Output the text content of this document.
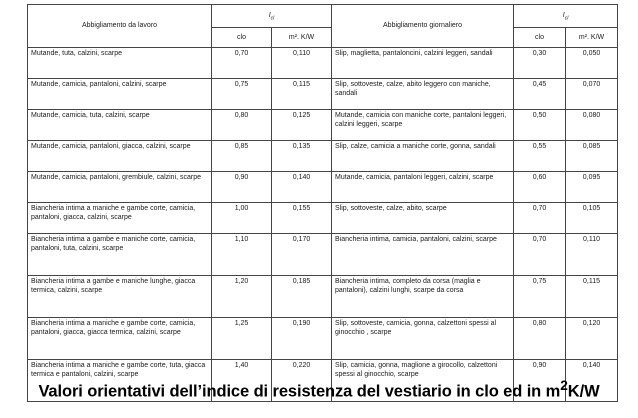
Abbigliamento da lavoro	$I_{cl}$		Abbigliamento giornaliero	$I_{cl}$
	clo	m². K/W		clo	m². K/W
Mutande, tuta, calzini, scarpe	0,70	0,110	Slip, maglietta, pantaloncini, calzini leggeri, sandali	0,30	0,050
Mutande, camicia, pantaloni, calzini, scarpe	0,75	0,115	Slip, sottoveste, calze, abito leggero con maniche, sandali	0,45	0,070
Mutande, camicia, tuta, calzini, scarpe	0,80	0,125	Mutande, camicia con maniche corte, pantaloni leggeri, calzini leggeri, scarpe	0,50	0,080
Mutande, camicia, pantaloni, giacca, calzini, scarpe	0,85	0,135	Slip, calze, camicia a maniche corte, gonna, sandali	0,55	0,085
Mutande, camicia, pantaloni, grembiule, calzini, scarpe	0,90	0,140	Mutande, camicia, pantaloni leggeri, calzini, scarpe	0,60	0,095
Biancheria intima a maniche e gambe corte, camicia, pantaloni, giacca, calzini, scarpe	1,00	0,155	Slip, sottoveste, calze, abito, scarpe	0,70	0,105
Biancheria intima a gambe e maniche corte, camicia, pantaloni, tuta, calzini, scarpe	1,10	0,170	Biancheria intima, camicia, pantaloni, calzini, scarpe	0,70	0,110
Biancheria intima a gambe e maniche lunghe, giacca termica, calzini, scarpe	1,20	0,185	Biancheria intima, completo da corsa (maglia e pantaloni), calzini lunghi, scarpe da corsa	0,75	0,115
Biancheria intima a maniche e gambe corte, camicia, pantaloni, giacca, giacca termica, calzini, scarpe	1,25	0,190	Slip, sottoveste, camicia, gonna, calzettoni spessi al ginocchio , scarpe	0,80	0,120
Biancheria intima a maniche e gambe corte, tuta, giacca termica e pantaloni, calzini, scarpe	1,40	0,220	Slip, camicia, gonna, maglione a girocollo, calzettoni spessi al ginocchio, scarpe	0,90	0,140
Valori orientativi dell’indice di resistenza del vestiario in clo ed in $m^2K/W$
